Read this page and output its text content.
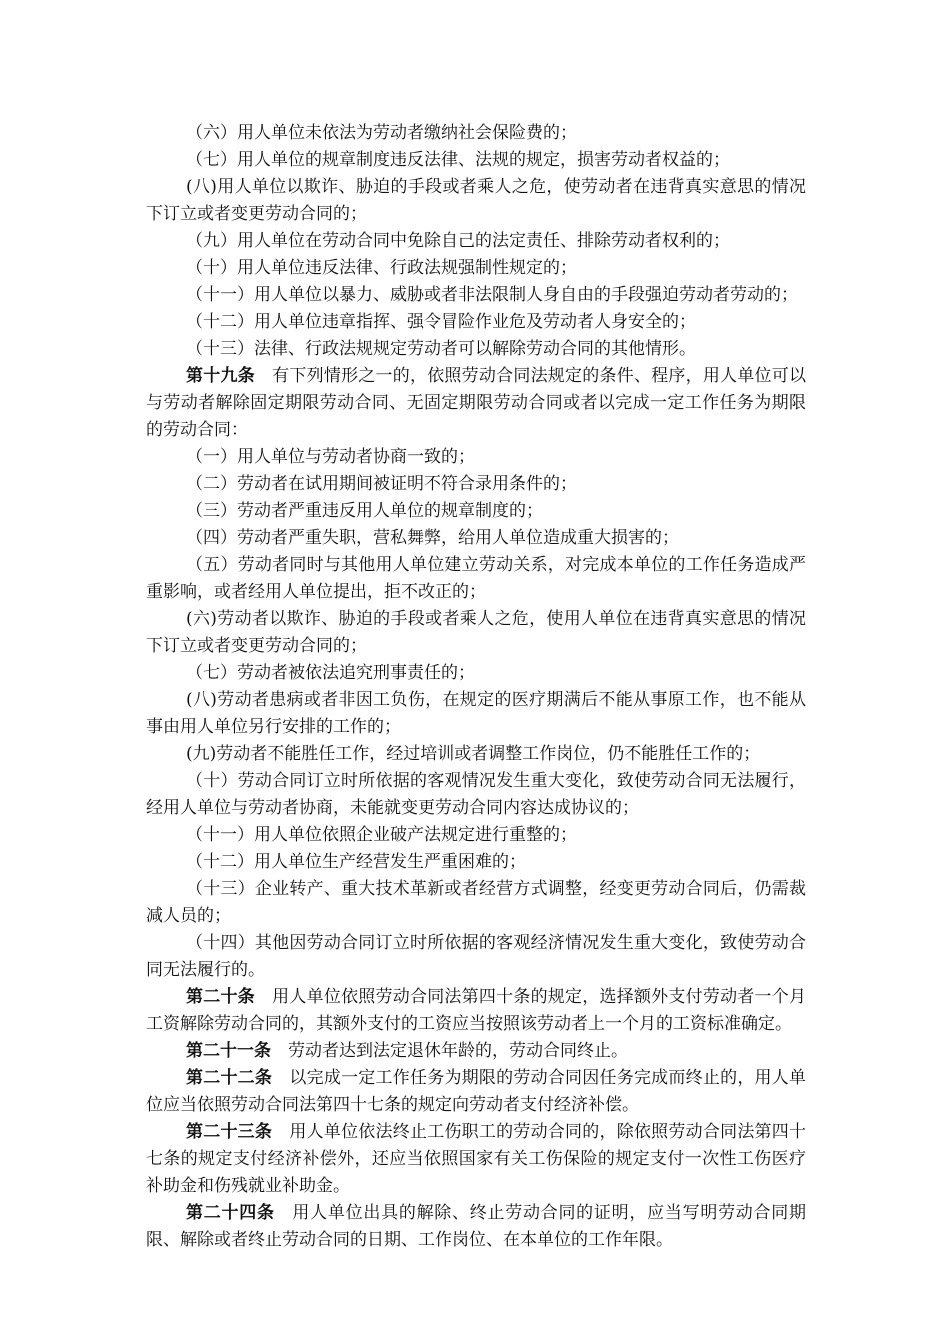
（六）用人单位未依法为劳动者缴纳社会保险费的；

（七）用人单位的规章制度违反法律、法规的规定，损害劳动者权益的；

(八)用人单位以欺诈、胁迫的手段或者乘人之危，使劳动者在违背真实意思的情况下订立或者变更劳动合同的；

（九）用人单位在劳动合同中免除自己的法定责任、排除劳动者权利的；

（十）用人单位违反法律、行政法规强制性规定的；

（十一）用人单位以暴力、威胁或者非法限制人身自由的手段强迫劳动者劳动的；

（十二）用人单位违章指挥、强令冒险作业危及劳动者人身安全的；

（十三）法律、行政法规规定劳动者可以解除劳动合同的其他情形。

第十九条　有下列情形之一的，依照劳动合同法规定的条件、程序，用人单位可以与劳动者解除固定期限劳动合同、无固定期限劳动合同或者以完成一定工作任务为期限的劳动合同：

（一）用人单位与劳动者协商一致的；

（二）劳动者在试用期间被证明不符合录用条件的；

（三）劳动者严重违反用人单位的规章制度的；

（四）劳动者严重失职，营私舞弊，给用人单位造成重大损害的；

（五）劳动者同时与其他用人单位建立劳动关系，对完成本单位的工作任务造成严重影响，或者经用人单位提出，拒不改正的；

(六)劳动者以欺诈、胁迫的手段或者乘人之危，使用人单位在违背真实意思的情况下订立或者变更劳动合同的；

（七）劳动者被依法追究刑事责任的；

(八)劳动者患病或者非因工负伤，在规定的医疗期满后不能从事原工作，也不能从事由用人单位另行安排的工作的；

(九)劳动者不能胜任工作，经过培训或者调整工作岗位，仍不能胜任工作的；

（十）劳动合同订立时所依据的客观情况发生重大变化，致使劳动合同无法履行，经用人单位与劳动者协商，未能就变更劳动合同内容达成协议的；

（十一）用人单位依照企业破产法规定进行重整的；

（十二）用人单位生产经营发生严重困难的；

（十三）企业转产、重大技术革新或者经营方式调整，经变更劳动合同后，仍需裁减人员的；

（十四）其他因劳动合同订立时所依据的客观经济情况发生重大变化，致使劳动合同无法履行的。

第二十条　用人单位依照劳动合同法第四十条的规定，选择额外支付劳动者一个月工资解除劳动合同的，其额外支付的工资应当按照该劳动者上一个月的工资标准确定。

第二十一条　劳动者达到法定退休年龄的，劳动合同终止。

第二十二条　以完成一定工作任务为期限的劳动合同因任务完成而终止的，用人单位应当依照劳动合同法第四十七条的规定向劳动者支付经济补偿。

第二十三条　用人单位依法终止工伤职工的劳动合同的，除依照劳动合同法第四十七条的规定支付经济补偿外，还应当依照国家有关工伤保险的规定支付一次性工伤医疗补助金和伤残就业补助金。

第二十四条　用人单位出具的解除、终止劳动合同的证明，应当写明劳动合同期限、解除或者终止劳动合同的日期、工作岗位、在本单位的工作年限。
